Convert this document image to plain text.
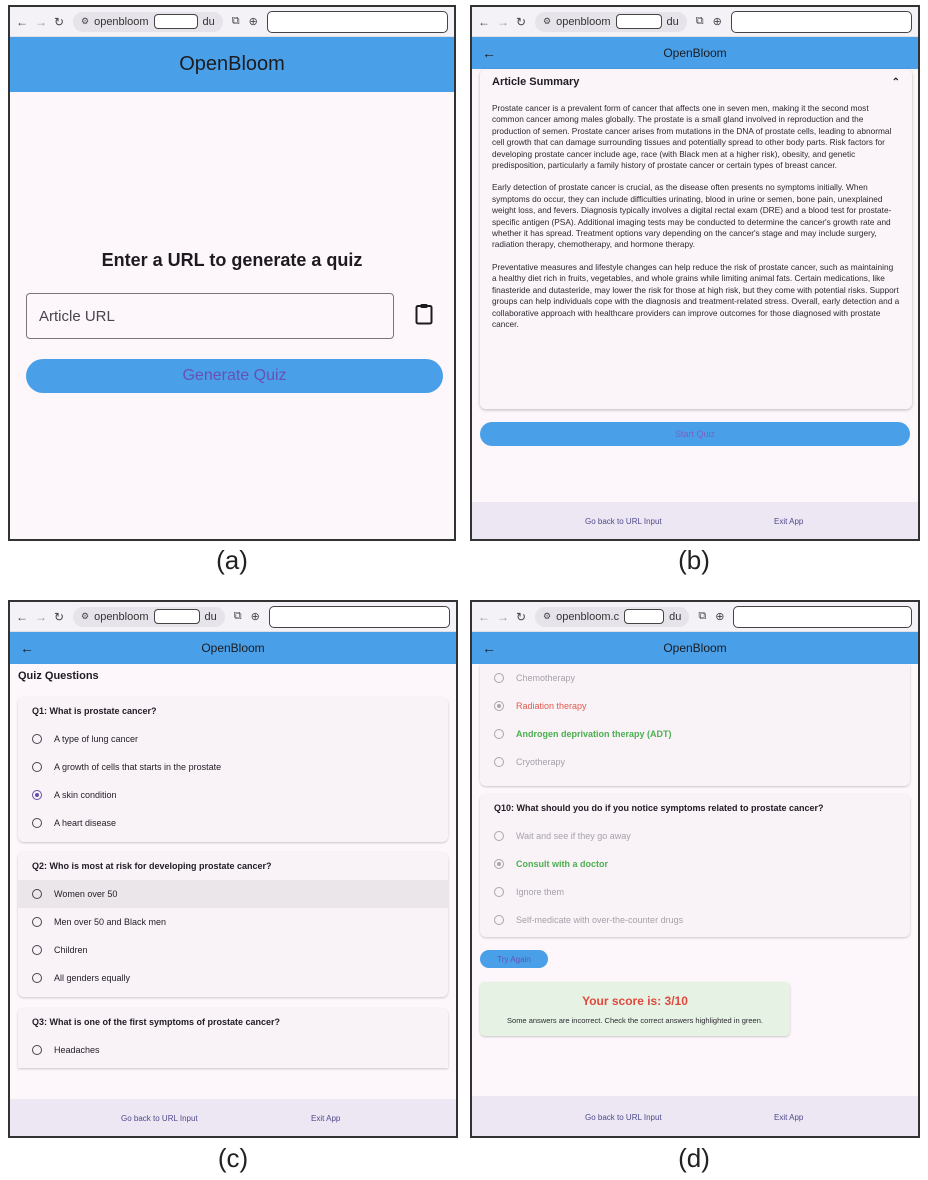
← → ↻ ⚙ openbloom	du ⧉ ⊕
OpenBloom
Enter a URL to generate a quiz
Article URL
Generate Quiz
(a)
← → ↻ ⚙ openbloom	du ⧉ ⊕
←	OpenBloom
Article Summary	⌃

Prostate cancer is a prevalent form of cancer that affects one in seven men, making it the second most common cancer among males globally. The prostate is a small gland involved in reproduction and the production of semen. Prostate cancer arises from mutations in the DNA of prostate cells, leading to abnormal cell growth that can damage surrounding tissues and potentially spread to other body parts. Risk factors for developing prostate cancer include age, race (with Black men at a higher risk), obesity, and genetic predisposition, particularly a family history of prostate cancer or certain types of breast cancer.

Early detection of prostate cancer is crucial, as the disease often presents no symptoms initially. When symptoms do occur, they can include difficulties urinating, blood in urine or semen, bone pain, unexplained weight loss, and fevers. Diagnosis typically involves a digital rectal exam (DRE) and a blood test for prostate-specific antigen (PSA). Additional imaging tests may be conducted to determine the cancer's growth rate and whether it has spread. Treatment options vary depending on the cancer's stage and may include surgery, radiation therapy, chemotherapy, and hormone therapy.

Preventative measures and lifestyle changes can help reduce the risk of prostate cancer, such as maintaining a healthy diet rich in fruits, vegetables, and whole grains while limiting animal fats. Certain medications, like finasteride and dutasteride, may lower the risk for those at high risk, but they come with potential risks. Support groups can help individuals cope with the diagnosis and treatment-related stress. Overall, early detection and a collaborative approach with healthcare providers can improve outcomes for those diagnosed with prostate cancer.

Start Quiz
Go back to URL Input	Exit App
(b)
← → ↻ ⚙ openbloom	du ⧉ ⊕
←	OpenBloom
Quiz Questions
Q1: What is prostate cancer?
A type of lung cancer
A growth of cells that starts in the prostate
A skin condition
A heart disease
Q2: Who is most at risk for developing prostate cancer?
Women over 50
Men over 50 and Black men
Children
All genders equally
Q3: What is one of the first symptoms of prostate cancer?
Headaches
Go back to URL Input	Exit App
(c)
← → ↻ ⚙ openbloom.c	du ⧉ ⊕
←	OpenBloom
Chemotherapy
Radiation therapy
Androgen deprivation therapy (ADT)
Cryotherapy
Q10: What should you do if you notice symptoms related to prostate cancer?
Wait and see if they go away
Consult with a doctor
Ignore them
Self-medicate with over-the-counter drugs
Try Again
Your score is: 3/10
Some answers are incorrect. Check the correct answers highlighted in green.
Go back to URL Input	Exit App
(d)
